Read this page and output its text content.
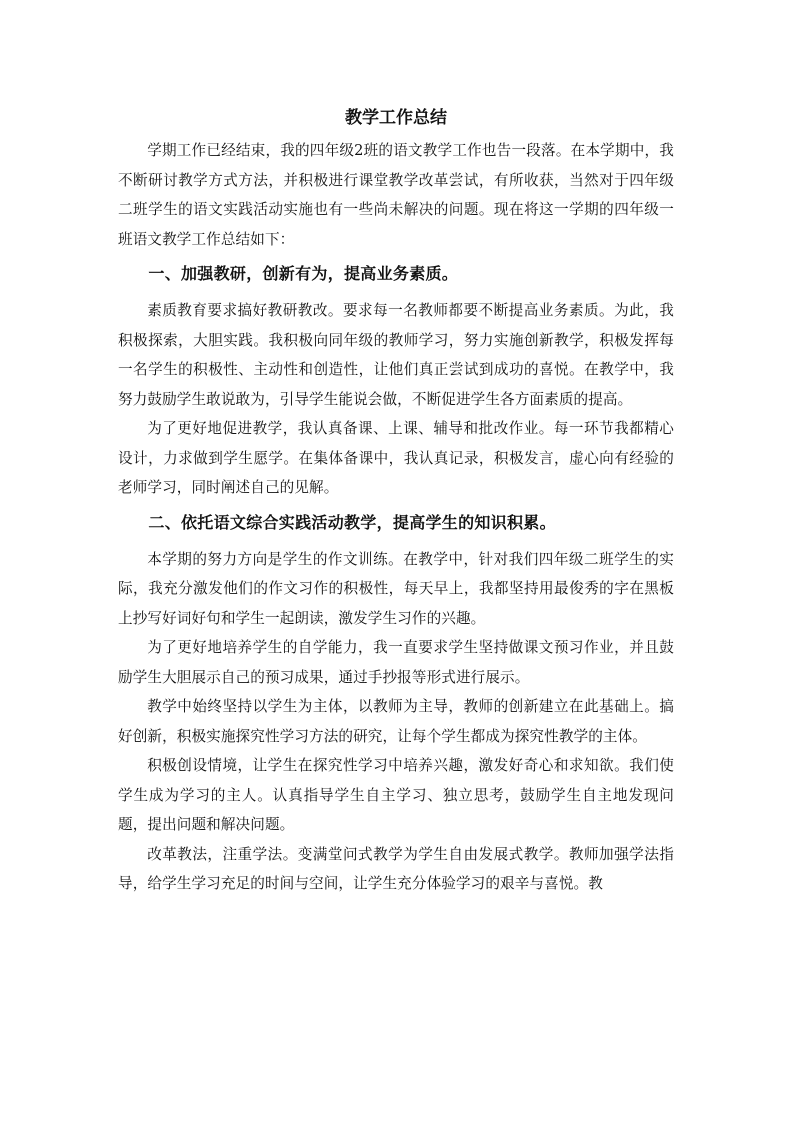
教学工作总结

学期工作已经结束，我的四年级2班的语文教学工作也告一段落。在本学期中，我不断研讨教学方式方法，并积极进行课堂教学改革尝试，有所收获，当然对于四年级二班学生的语文实践活动实施也有一些尚未解决的问题。现在将这一学期的四年级一班语文教学工作总结如下：

一、加强教研，创新有为，提高业务素质。

素质教育要求搞好教研教改。要求每一名教师都要不断提高业务素质。为此，我积极探索，大胆实践。我积极向同年级的教师学习，努力实施创新教学，积极发挥每一名学生的积极性、主动性和创造性，让他们真正尝试到成功的喜悦。在教学中，我努力鼓励学生敢说敢为，引导学生能说会做，不断促进学生各方面素质的提高。

为了更好地促进教学，我认真备课、上课、辅导和批改作业。每一环节我都精心设计，力求做到学生愿学。在集体备课中，我认真记录，积极发言，虚心向有经验的老师学习，同时阐述自己的见解。

二、依托语文综合实践活动教学，提高学生的知识积累。

本学期的努力方向是学生的作文训练。在教学中，针对我们四年级二班学生的实际，我充分激发他们的作文习作的积极性，每天早上，我都坚持用最俊秀的字在黑板上抄写好词好句和学生一起朗读，激发学生习作的兴趣。

为了更好地培养学生的自学能力，我一直要求学生坚持做课文预习作业，并且鼓励学生大胆展示自己的预习成果，通过手抄报等形式进行展示。

教学中始终坚持以学生为主体，以教师为主导，教师的创新建立在此基础上。搞好创新，积极实施探究性学习方法的研究，让每个学生都成为探究性教学的主体。

积极创设情境，让学生在探究性学习中培养兴趣，激发好奇心和求知欲。我们使学生成为学习的主人。认真指导学生自主学习、独立思考，鼓励学生自主地发现问题，提出问题和解决问题。

改革教法，注重学法。变满堂问式教学为学生自由发展式教学。教师加强学法指导，给学生学习充足的时间与空间，让学生充分体验学习的艰辛与喜悦。教
